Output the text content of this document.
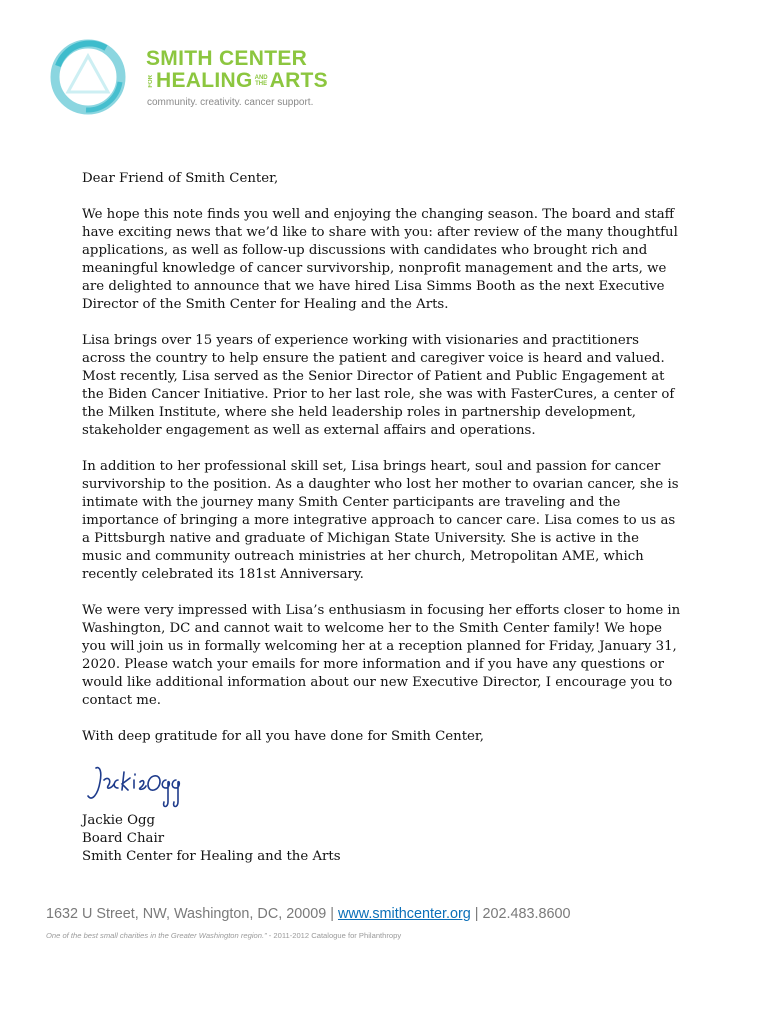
SMITH CENTER
FOR HEALING AND
THE ARTS
community. creativity. cancer support.

Dear Friend of Smith Center,

We hope this note finds you well and enjoying the changing season. The board and staff have exciting news that we’d like to share with you: after review of the many thoughtful applications, as well as follow-up discussions with candidates who brought rich and meaningful knowledge of cancer survivorship, nonprofit management and the arts, we are delighted to announce that we have hired Lisa Simms Booth as the next Executive Director of the Smith Center for Healing and the Arts.

Lisa brings over 15 years of experience working with visionaries and practitioners across the country to help ensure the patient and caregiver voice is heard and valued. Most recently, Lisa served as the Senior Director of Patient and Public Engagement at the Biden Cancer Initiative. Prior to her last role, she was with FasterCures, a center of the Milken Institute, where she held leadership roles in partnership development, stakeholder engagement as well as external affairs and operations.

In addition to her professional skill set, Lisa brings heart, soul and passion for cancer survivorship to the position. As a daughter who lost her mother to ovarian cancer, she is intimate with the journey many Smith Center participants are traveling and the importance of bringing a more integrative approach to cancer care. Lisa comes to us as a Pittsburgh native and graduate of Michigan State University. She is active in the music and community outreach ministries at her church, Metropolitan AME, which recently celebrated its 181st Anniversary.

We were very impressed with Lisa’s enthusiasm in focusing her efforts closer to home in Washington, DC and cannot wait to welcome her to the Smith Center family! We hope you will join us in formally welcoming her at a reception planned for Friday, January 31, 2020. Please watch your emails for more information and if you have any questions or would like additional information about our new Executive Director, I encourage you to contact me.

With deep gratitude for all you have done for Smith Center,

Jackie Ogg
Board Chair
Smith Center for Healing and the Arts
1632 U Street, NW, Washington, DC, 20009 | www.smithcenter.org | 202.483.8600
One of the best small charities in the Greater Washington region.” - 2011-2012 Catalogue for Philanthropy
